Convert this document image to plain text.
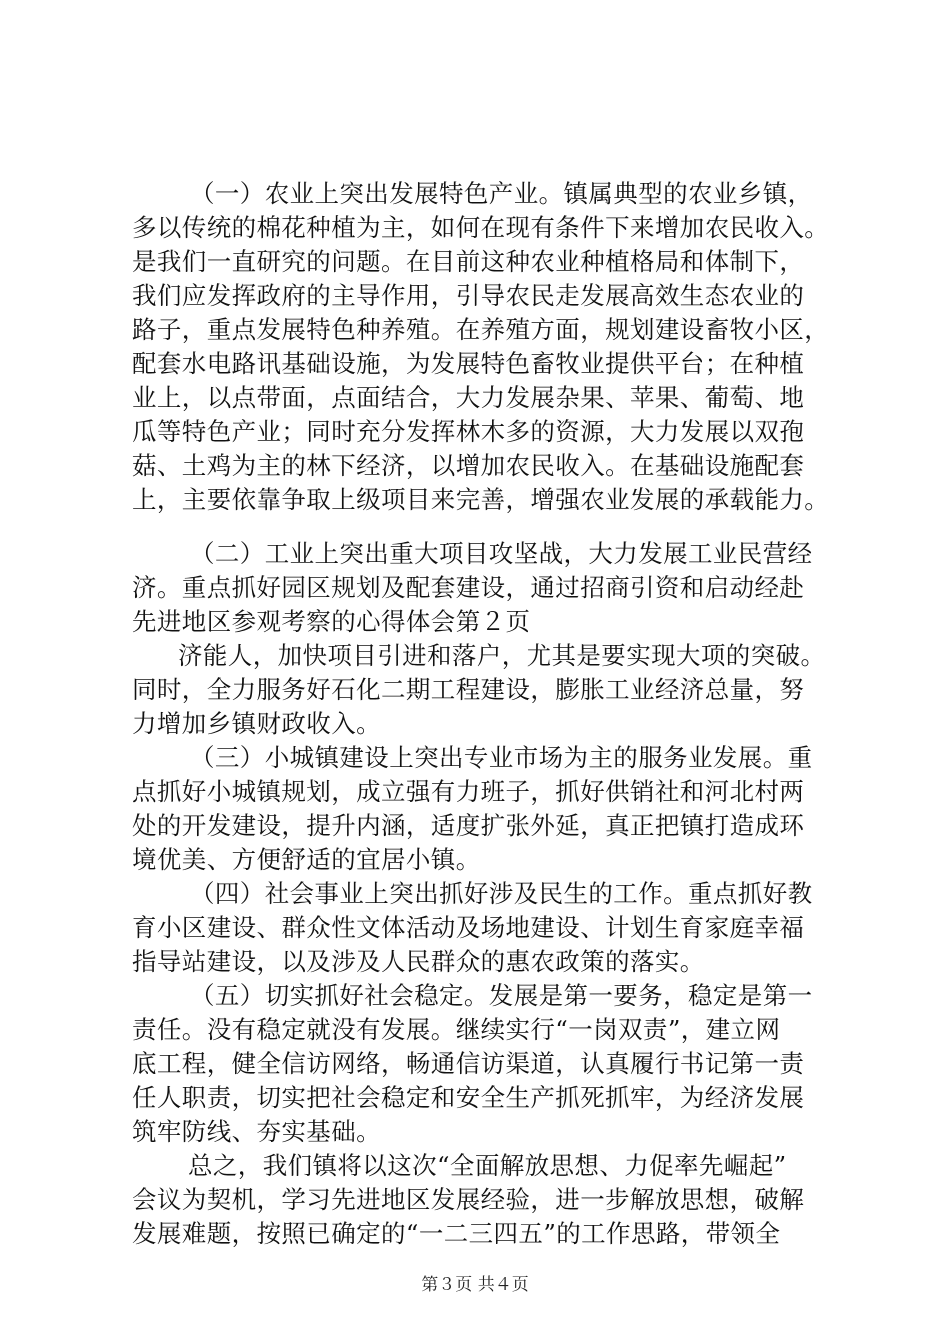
（一）农业上突出发展特色产业。镇属典型的农业乡镇，
多以传统的棉花种植为主，如何在现有条件下来增加农民收入。
是我们一直研究的问题。在目前这种农业种植格局和体制下，
我们应发挥政府的主导作用，引导农民走发展高效生态农业的
路子，重点发展特色种养殖。在养殖方面，规划建设畜牧小区，
配套水电路讯基础设施，为发展特色畜牧业提供平台；在种植
业上，以点带面，点面结合，大力发展杂果、苹果、葡萄、地
瓜等特色产业；同时充分发挥林木多的资源，大力发展以双孢
菇、土鸡为主的林下经济，以增加农民收入。在基础设施配套
上，主要依靠争取上级项目来完善，增强农业发展的承载能力。
（二）工业上突出重大项目攻坚战，大力发展工业民营经
济。重点抓好园区规划及配套建设，通过招商引资和启动经赴
先进地区参观考察的心得体会第２页
济能人，加快项目引进和落户，尤其是要实现大项的突破。
同时，全力服务好石化二期工程建设，膨胀工业经济总量，努
力增加乡镇财政收入。
（三）小城镇建设上突出专业市场为主的服务业发展。重
点抓好小城镇规划，成立强有力班子，抓好供销社和河北村两
处的开发建设，提升内涵，适度扩张外延，真正把镇打造成环
境优美、方便舒适的宜居小镇。
（四）社会事业上突出抓好涉及民生的工作。重点抓好教
育小区建设、群众性文体活动及场地建设、计划生育家庭幸福
指导站建设，以及涉及人民群众的惠农政策的落实。
（五）切实抓好社会稳定。发展是第一要务，稳定是第一
责任。没有稳定就没有发展。继续实行“一岗双责”，建立网
底工程，健全信访网络，畅通信访渠道，认真履行书记第一责
任人职责，切实把社会稳定和安全生产抓死抓牢，为经济发展
筑牢防线、夯实基础。
总之，我们镇将以这次“全面解放思想、力促率先崛起”
会议为契机，学习先进地区发展经验，进一步解放思想，破解
发展难题，按照已确定的“一二三四五”的工作思路，带领全
第３页 共４页
